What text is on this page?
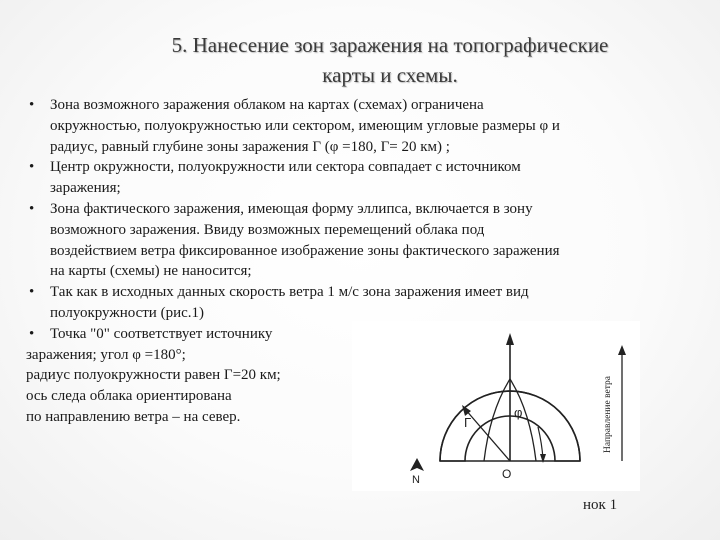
5. Нанесение зон заражения на топографические
карты и схемы.
•	Зона возможного заражения облаком на картах (схемах) ограничена
окружностью, полуокружностью или сектором, имеющим угловые размеры φ и
радиус, равный глубине зоны заражения Г (φ =180, Г= 20 км) ;
•	Центр окружности, полуокружности или сектора совпадает с источником
заражения;
•	Зона фактического заражения, имеющая форму эллипса, включается в зону
возможного заражения. Ввиду возможных перемещений облака под
воздействием ветра фиксированное изображение зоны фактического заражения
на карты (схемы) не наносится;
•	Так как в исходных данных скорость ветра 1 м/с зона заражения имеет вид
полуокружности (рис.1)
•	Точка "0" соответствует источнику
заражения; угол φ =180°;
радиус полуокружности равен Г=20 км;
ось следа облака ориентирована
по направлению ветра – на север.	Г
φ
О
N
Направление ветра
нок 1
